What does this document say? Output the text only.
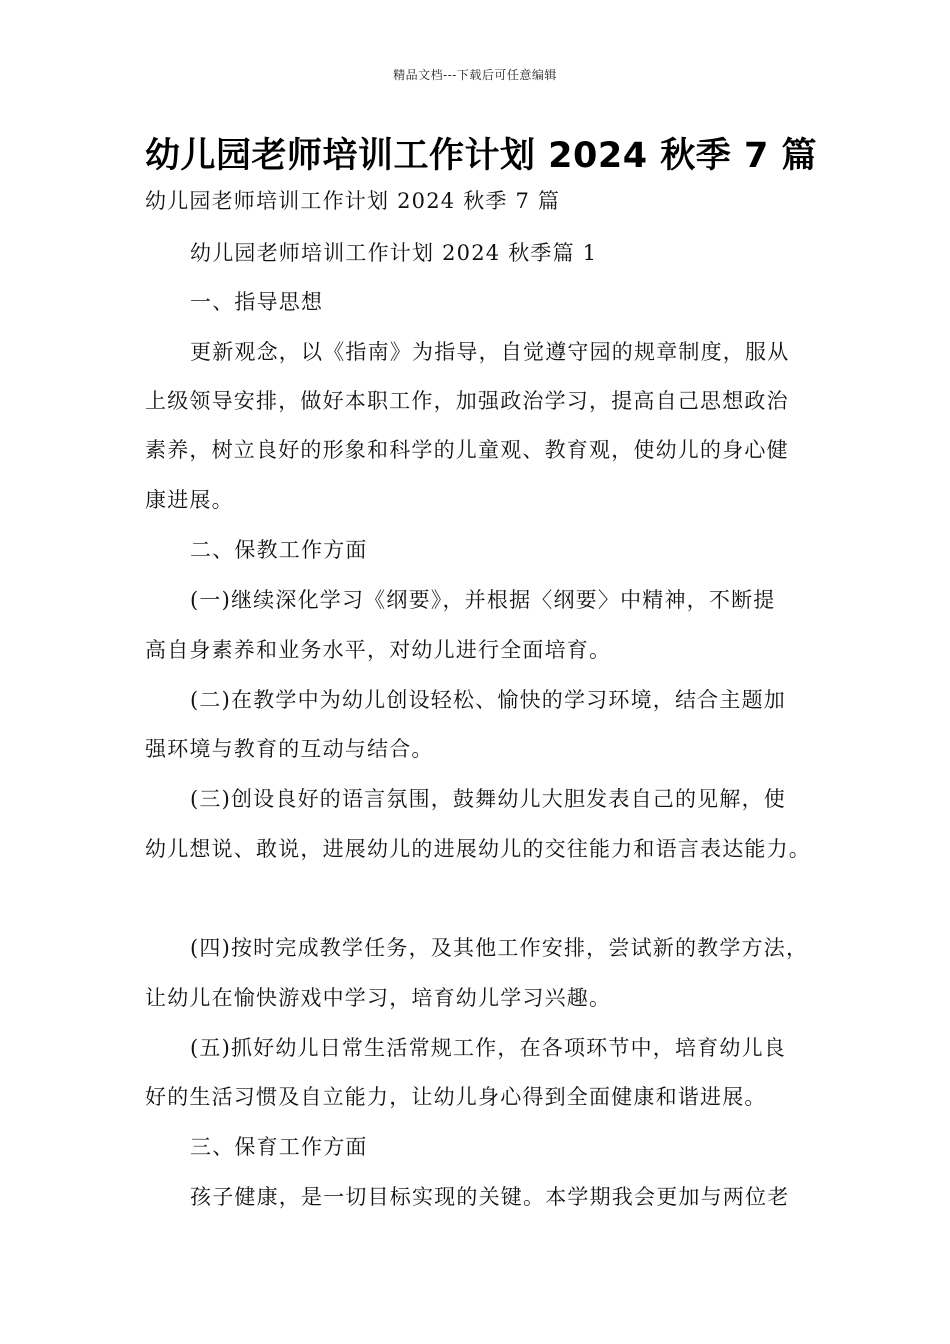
精品文档---下载后可任意编辑
幼儿园老师培训工作计划 2024 秋季 7 篇
幼儿园老师培训工作计划 2024 秋季 7 篇
幼儿园老师培训工作计划 2024 秋季篇 1
一、指导思想
更新观念，以《指南》为指导，自觉遵守园的规章制度，服从
上级领导安排，做好本职工作，加强政治学习，提高自己思想政治
素养，树立良好的形象和科学的儿童观、教育观，使幼儿的身心健
康进展。
二、保教工作方面
(一)继续深化学习《纲要》，并根据〈纲要〉中精神，不断提
高自身素养和业务水平，对幼儿进行全面培育。
(二)在教学中为幼儿创设轻松、愉快的学习环境，结合主题加
强环境与教育的互动与结合。
(三)创设良好的语言氛围，鼓舞幼儿大胆发表自己的见解，使
幼儿想说、敢说，进展幼儿的进展幼儿的交往能力和语言表达能力。
(四)按时完成教学任务，及其他工作安排，尝试新的教学方法，
让幼儿在愉快游戏中学习，培育幼儿学习兴趣。
(五)抓好幼儿日常生活常规工作，在各项环节中，培育幼儿良
好的生活习惯及自立能力，让幼儿身心得到全面健康和谐进展。
三、保育工作方面
孩子健康，是一切目标实现的关键。本学期我会更加与两位老
